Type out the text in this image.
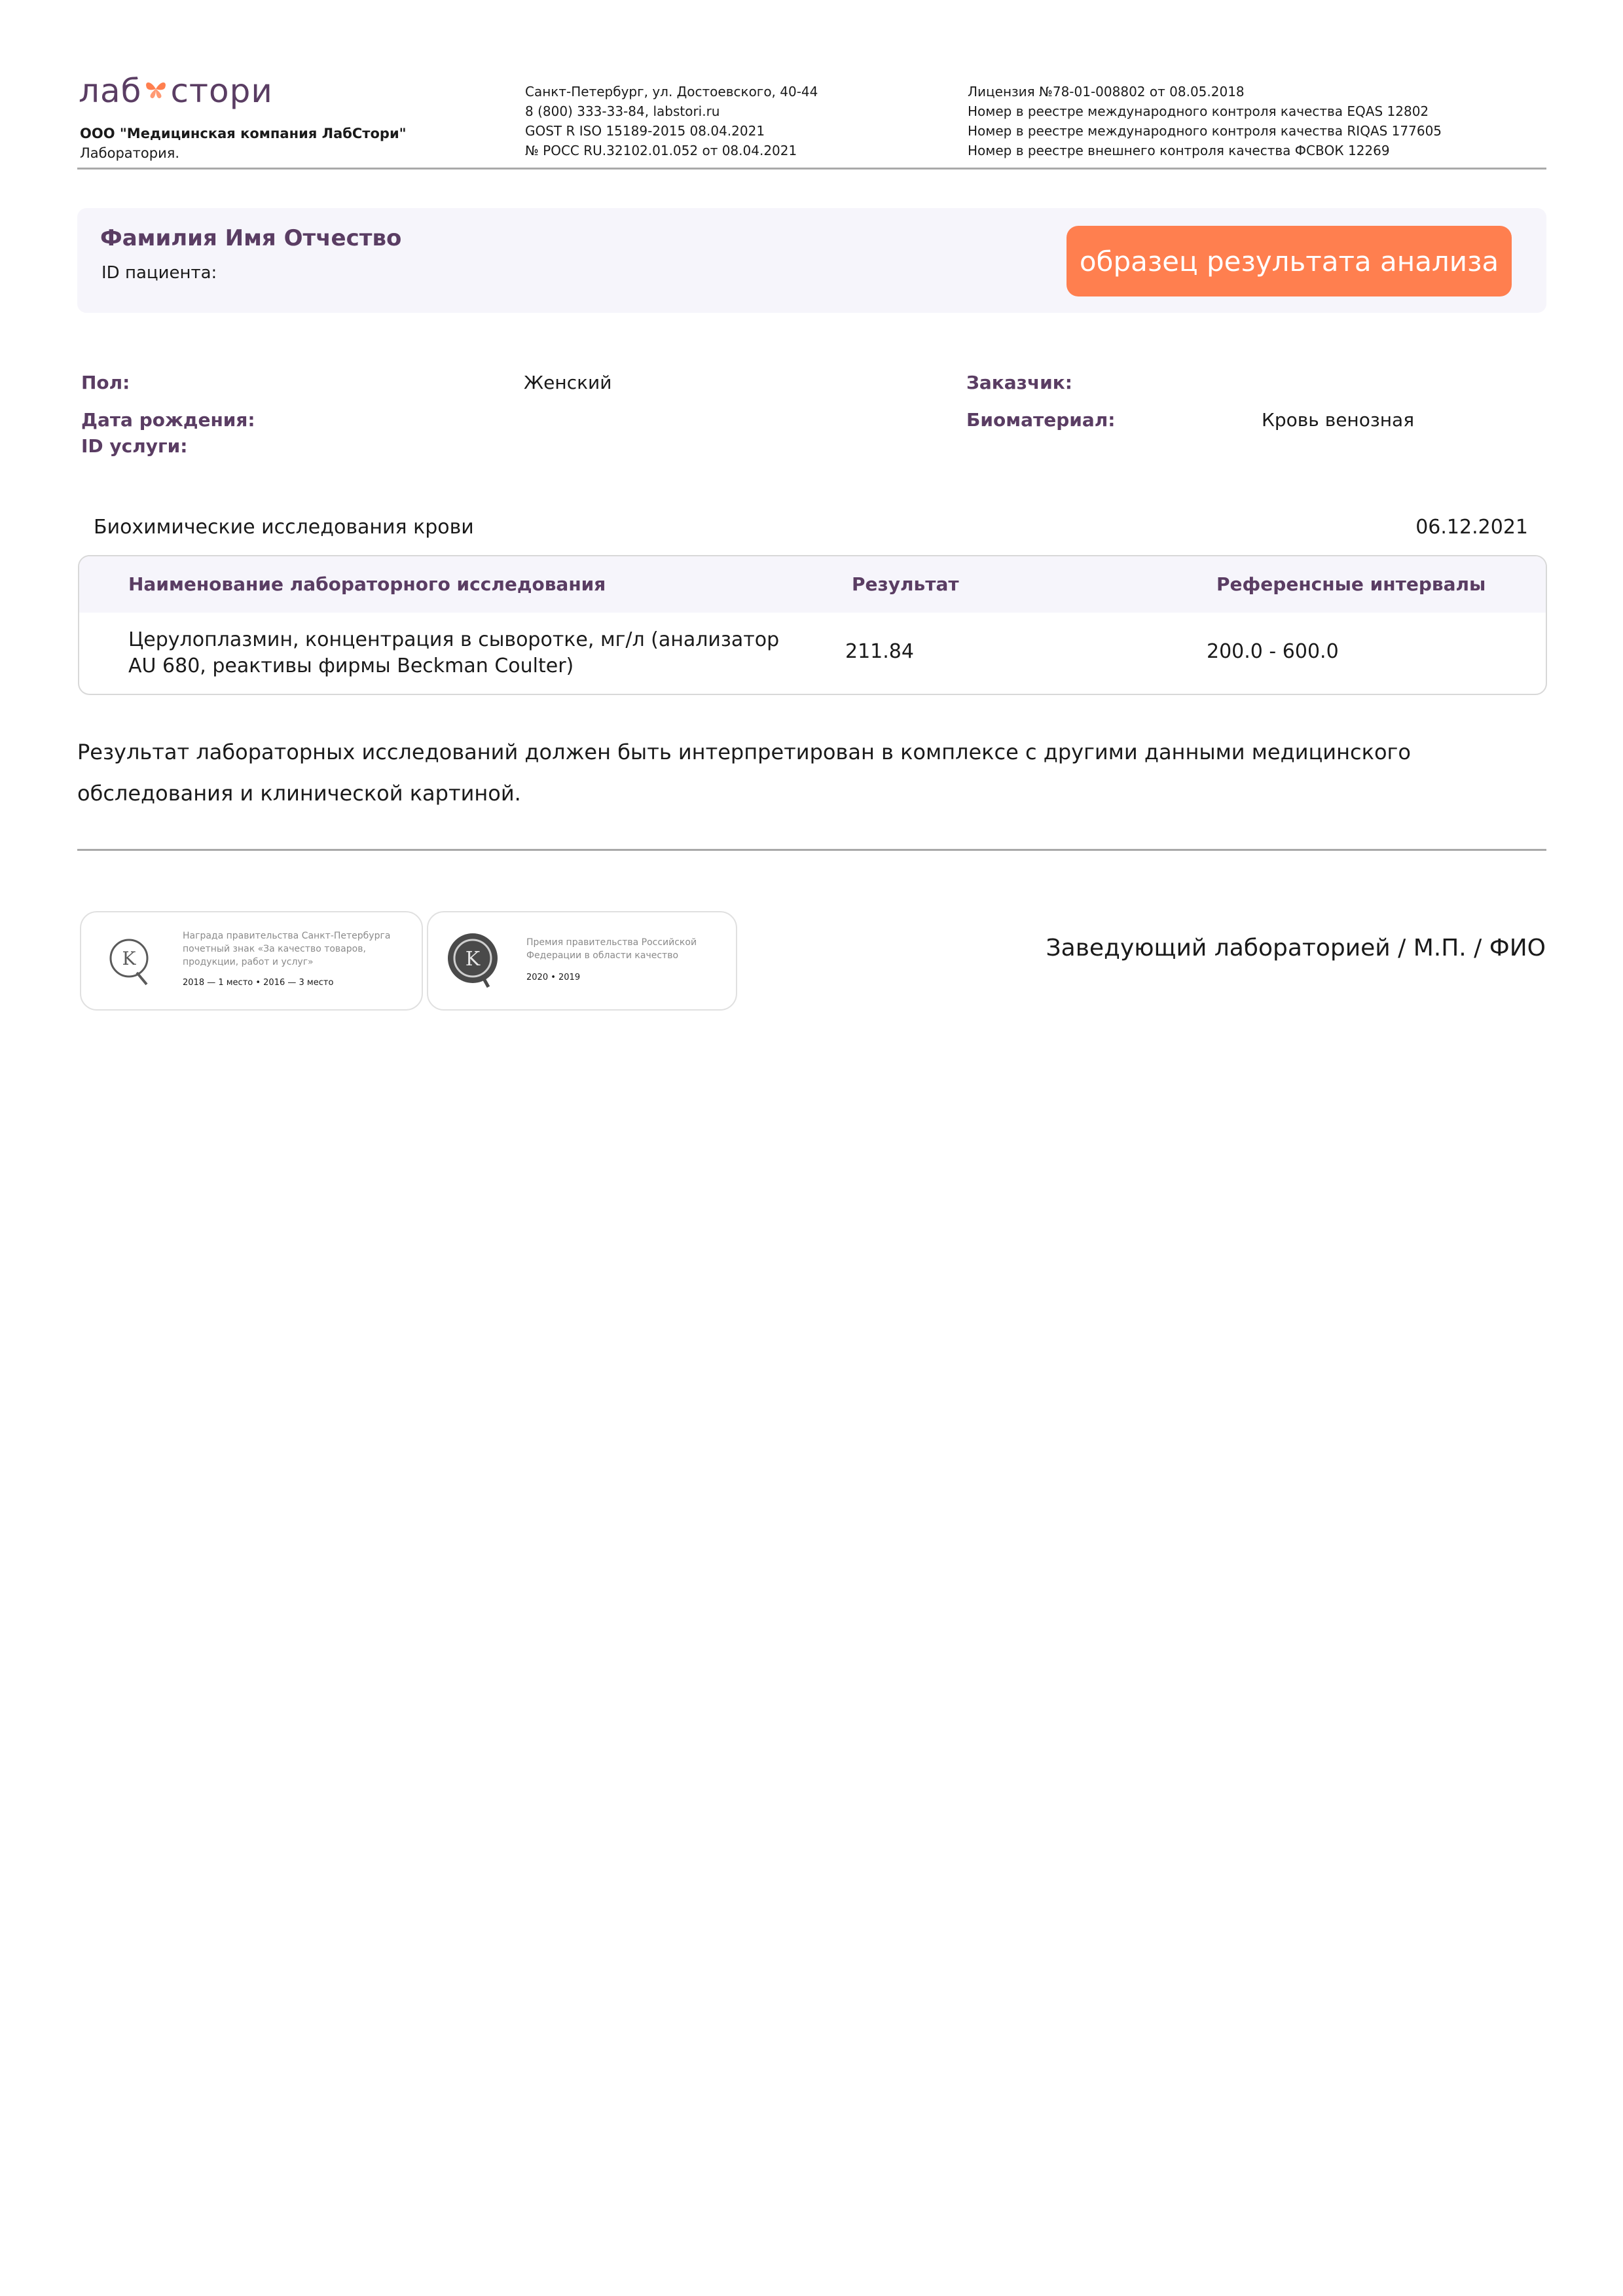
лаб стори
ООО "Медицинская компания ЛабСтори"
Лаборатория.
Санкт-Петербург, ул. Достоевского, 40-44
8 (800) 333-33-84, labstori.ru
GOST R ISO 15189-2015 08.04.2021
№ РОСС RU.32102.01.052 от 08.04.2021
Лицензия №78-01-008802 от 08.05.2018
Номер в реестре международного контроля качества EQAS 12802
Номер в реестре международного контроля качества RIQAS 177605
Номер в реестре внешнего контроля качества ФСВОК 12269
Фамилия Имя Отчество
ID пациента:	образец результата анализа
Пол:	Женский	Заказчик:
Дата рождения:	Биоматериал:	Кровь венозная
ID услуги:
Биохимические исследования крови	06.12.2021
Наименование лабораторного исследования	Результат	Референсные интервалы
Церулоплазмин, концентрация в сыворотке, мг/л (анализатор AU 680, реактивы фирмы Beckman Coulter)
211.84	200.0 - 600.0
Результат лабораторных исследований должен быть интерпретирован в комплексе с другими данными медицинского обследования и клинической картиной.
K
Награда правительства Санкт-Петербурга
почетный знак «За качество товаров,
продукции, работ и услуг»
2018 — 1 место • 2016 — 3 место
K
Премия правительства Российской
Федерации в области качество
2020 • 2019
Заведующий лабораторией / М.П. / ФИО
